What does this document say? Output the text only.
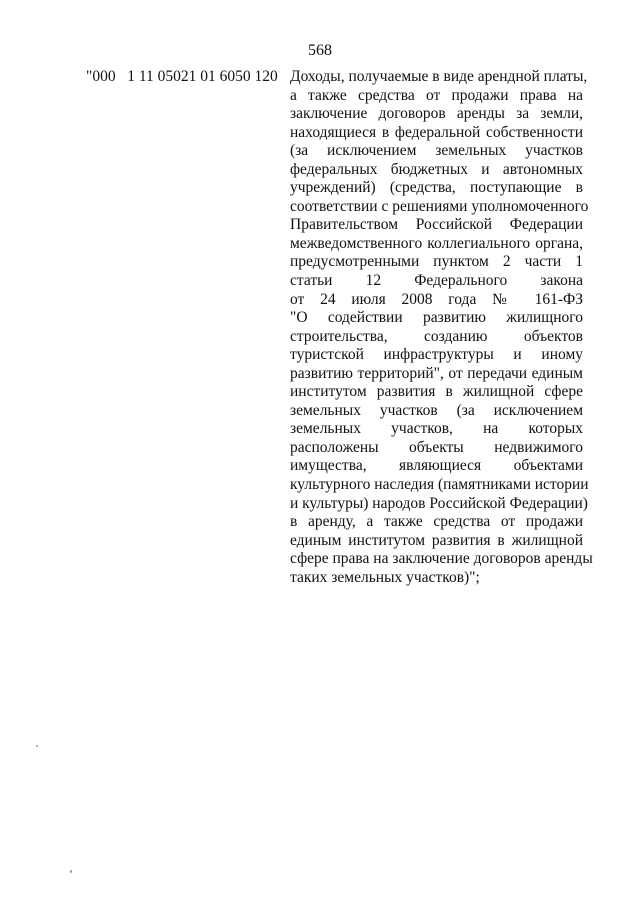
568
"000   1 11 05021 01 6050 120 Доходы, получаемые в виде арендной платы,
а также средства от продажи права на
заключение договоров аренды за земли,
находящиеся в федеральной собственности
(за исключением земельных участков
федеральных бюджетных и автономных
учреждений) (средства, поступающие в
соответствии с решениями уполномоченного
Правительством Российской Федерации
межведомственного коллегиального органа,
предусмотренными пунктом 2 части 1
статьи 12 Федерального закона
от 24 июля 2008 года № 161-ФЗ
"О содействии развитию жилищного
строительства, созданию объектов
туристской инфраструктуры и иному
развитию территорий", от передачи единым
институтом развития в жилищной сфере
земельных участков (за исключением
земельных участков, на которых
расположены объекты недвижимого
имущества, являющиеся объектами
культурного наследия (памятниками истории
и культуры) народов Российской Федерации)
в аренду, а также средства от продажи
единым институтом развития в жилищной
сфере права на заключение договоров аренды
таких земельных участков)";
